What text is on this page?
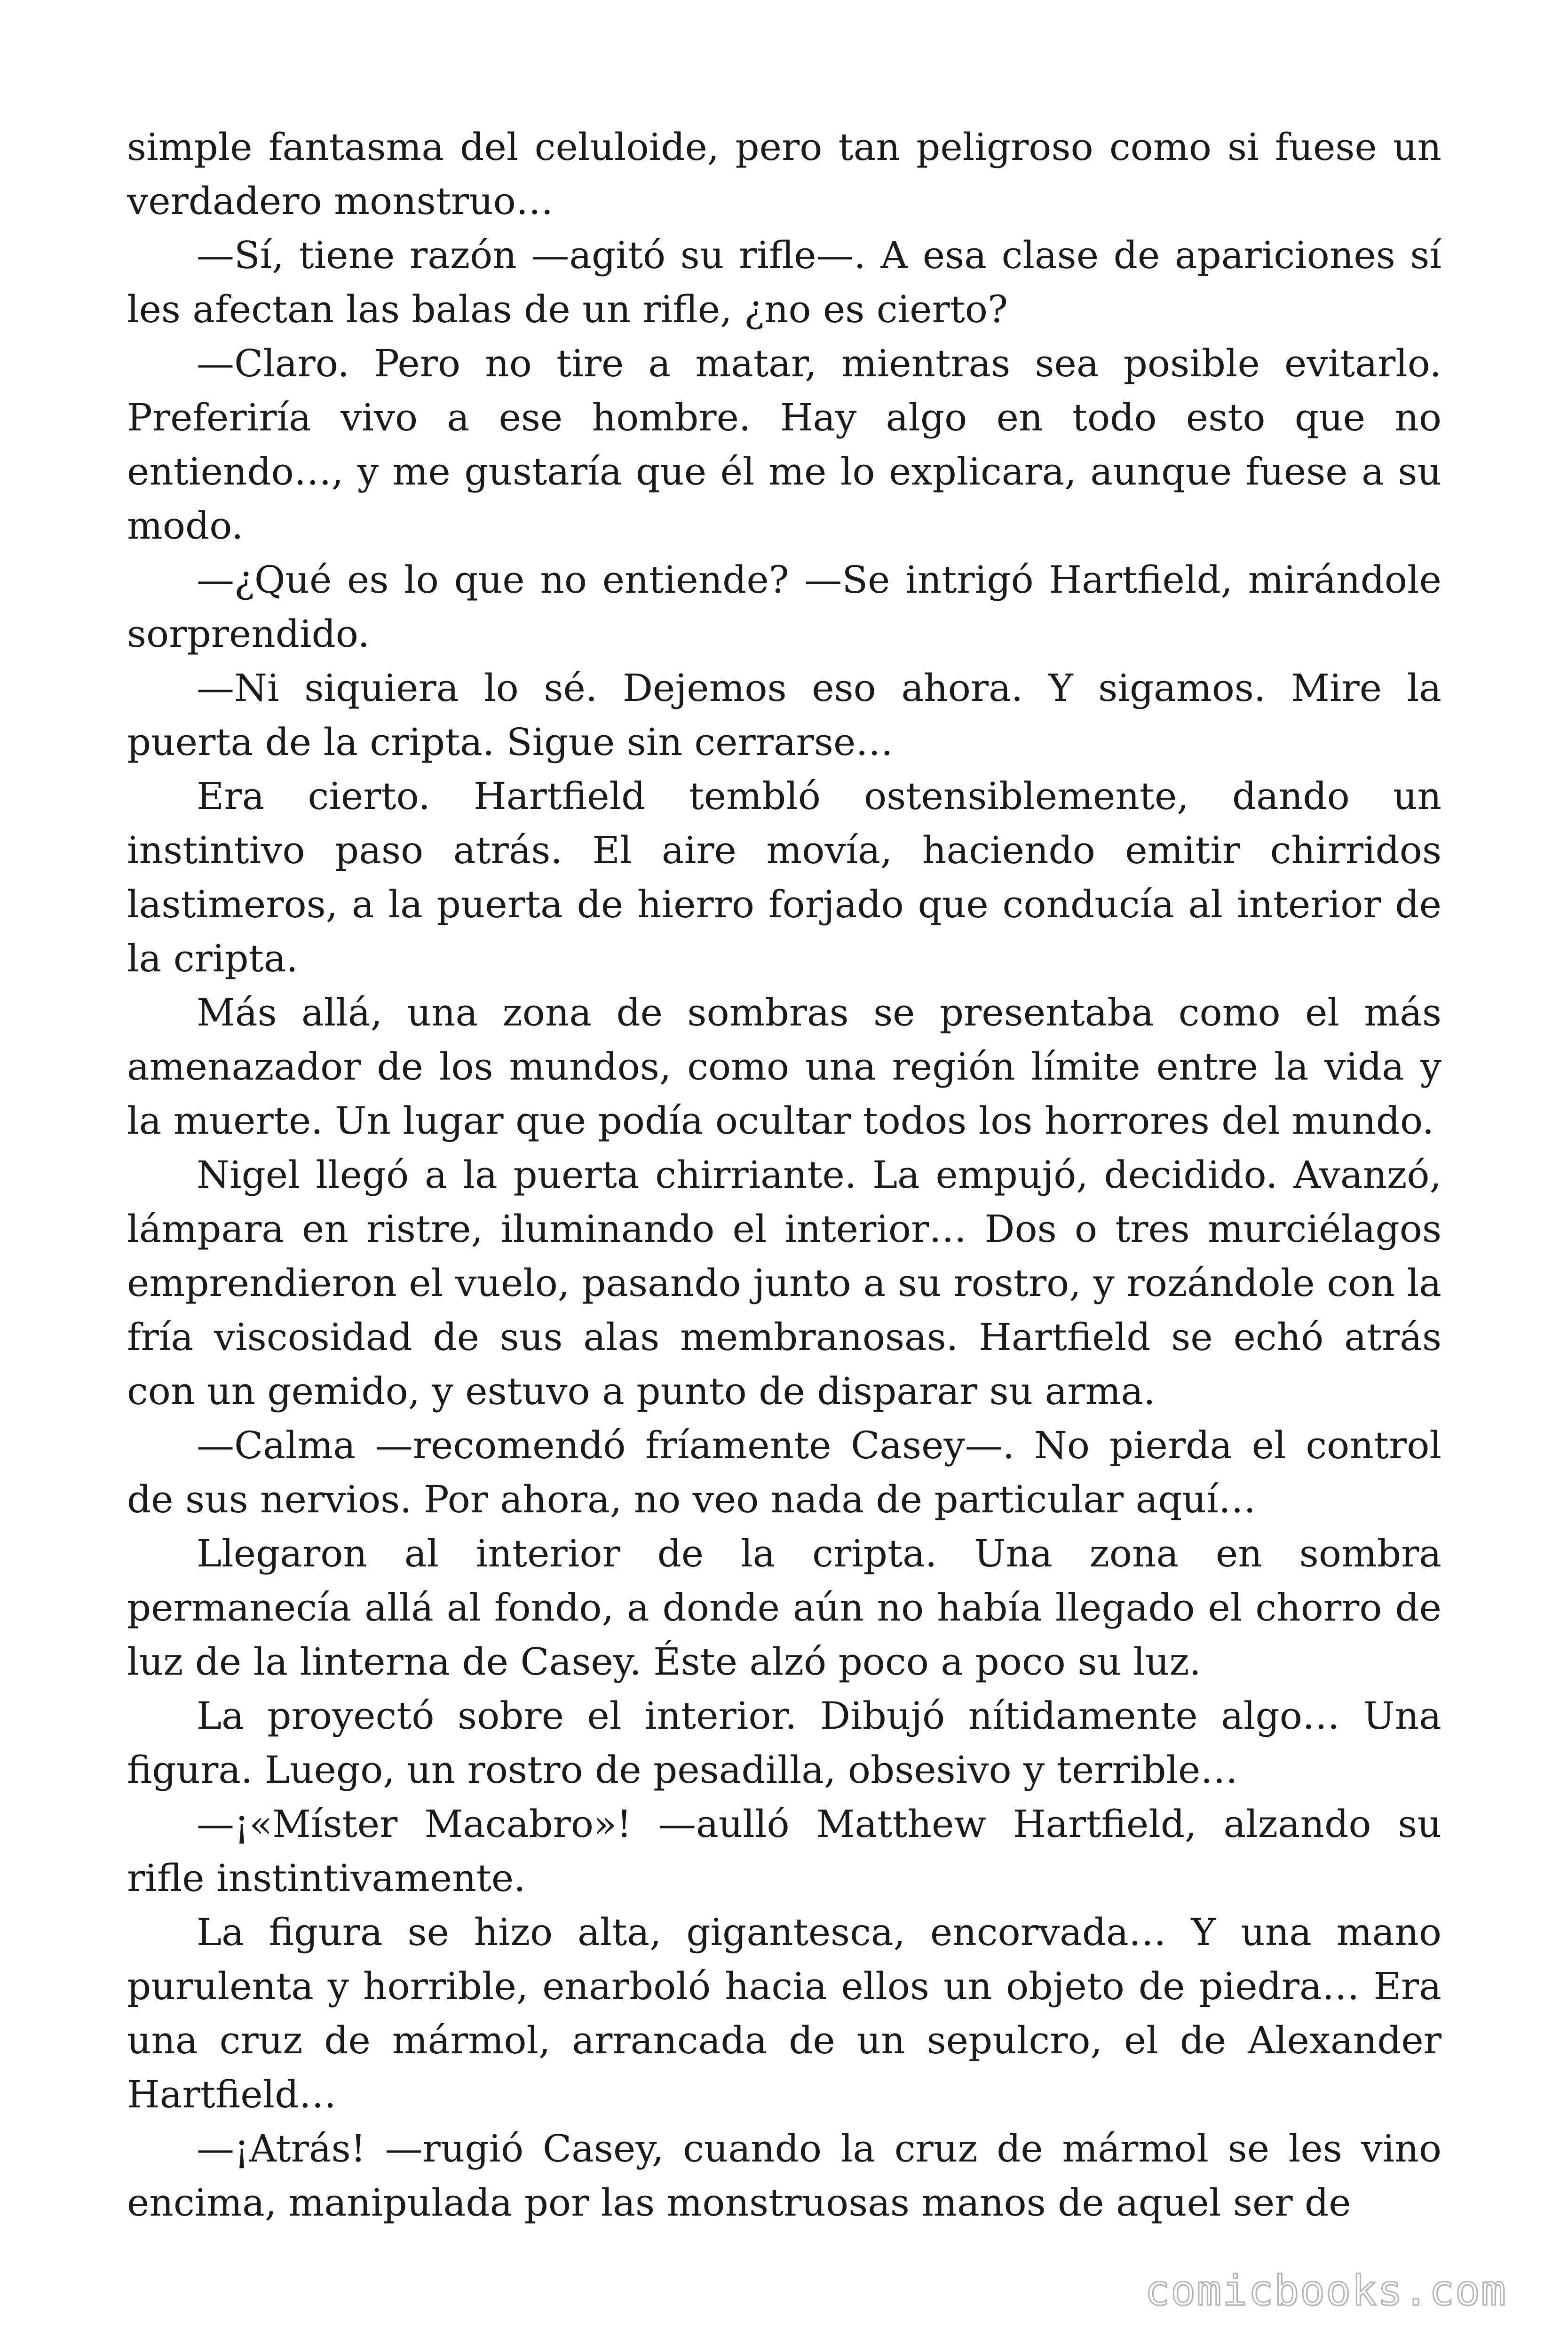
simple fantasma del celuloide, pero tan peligroso como si fuese un verdadero monstruo…

—Sí, tiene razón —agitó su rifle—. A esa clase de apariciones sí les afectan las balas de un rifle, ¿no es cierto?

—Claro. Pero no tire a matar, mientras sea posible evitarlo. Preferiría vivo a ese hombre. Hay algo en todo esto que no entiendo…, y me gustaría que él me lo explicara, aunque fuese a su modo.

—¿Qué es lo que no entiende? —Se intrigó Hartfield, mirándole sorprendido.

—Ni siquiera lo sé. Dejemos eso ahora. Y sigamos. Mire la puerta de la cripta. Sigue sin cerrarse…

Era cierto. Hartfield tembló ostensiblemente, dando un instintivo paso atrás. El aire movía, haciendo emitir chirridos lastimeros, a la puerta de hierro forjado que conducía al interior de la cripta.

Más allá, una zona de sombras se presentaba como el más amenazador de los mundos, como una región límite entre la vida y la muerte. Un lugar que podía ocultar todos los horrores del mundo.

Nigel llegó a la puerta chirriante. La empujó, decidido. Avanzó, lámpara en ristre, iluminando el interior… Dos o tres murciélagos emprendieron el vuelo, pasando junto a su rostro, y rozándole con la fría viscosidad de sus alas membranosas. Hartfield se echó atrás con un gemido, y estuvo a punto de disparar su arma.

—Calma —recomendó fríamente Casey—. No pierda el control de sus nervios. Por ahora, no veo nada de particular aquí…

Llegaron al interior de la cripta. Una zona en sombra permanecía allá al fondo, a donde aún no había llegado el chorro de luz de la linterna de Casey. Éste alzó poco a poco su luz.

La proyectó sobre el interior. Dibujó nítidamente algo… Una figura. Luego, un rostro de pesadilla, obsesivo y terrible…

—¡«Míster Macabro»! —aulló Matthew Hartfield, alzando su rifle instintivamente.

La figura se hizo alta, gigantesca, encorvada… Y una mano purulenta y horrible, enarboló hacia ellos un objeto de piedra… Era una cruz de mármol, arrancada de un sepulcro, el de Alexander Hartfield…

—¡Atrás! —rugió Casey, cuando la cruz de mármol se les vino encima, manipulada por las monstruosas manos de aquel ser de

comicbooks.com
